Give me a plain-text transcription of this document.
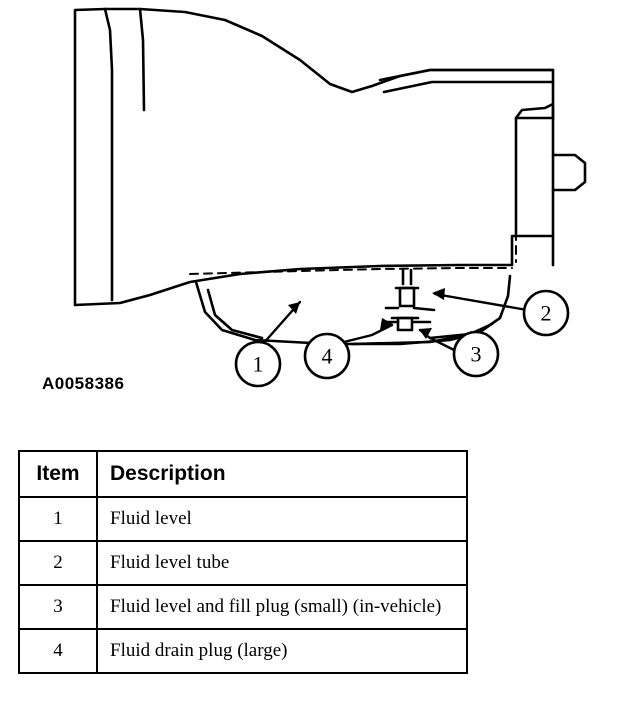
1
2
3
4
A0058386
Item	Description
1	Fluid level
2	Fluid level tube
3	Fluid level and fill plug (small) (in-vehicle)
4	Fluid drain plug (large)
